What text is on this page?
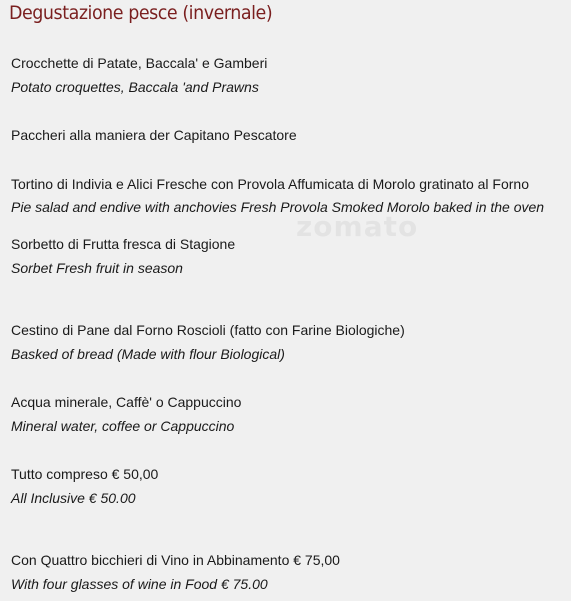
Degustazione pesce (invernale)
zomato
Crocchette di Patate, Baccala' e Gamberi
Potato croquettes, Baccala 'and Prawns
Paccheri alla maniera der Capitano Pescatore
Tortino di Indivia e Alici Fresche con Provola Affumicata di Morolo gratinato al Forno
Pie salad and endive with anchovies Fresh Provola Smoked Morolo baked in the oven
Sorbetto di Frutta fresca di Stagione
Sorbet Fresh fruit in season
Cestino di Pane dal Forno Roscioli (fatto con Farine Biologiche)
Basked of bread (Made with flour Biological)
Acqua minerale, Caffè' o Cappuccino
Mineral water, coffee or Cappuccino
Tutto compreso € 50,00
All Inclusive € 50.00
Con Quattro bicchieri di Vino in Abbinamento € 75,00
With four glasses of wine in Food € 75.00
